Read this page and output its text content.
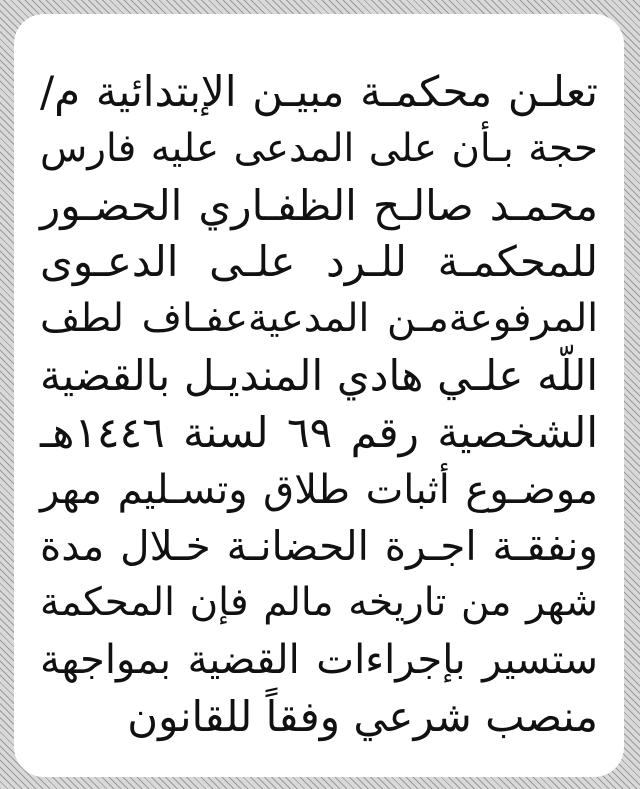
تعلـن محكمـة مبيـن الإبتدائية م/
حجة بـأن على المدعى عليه فارس
محمـد صالـح الظفـاري الحضـور
للمحكمـة للـرد علـى الدعـوى
المرفوعةمـن المدعيةعفـاف لطف
اللّه علـي هادي المنديـل بالقضية
الشخصية رقم ٦٩ لسنة ١٤٤٦هـ
موضـوع أثبات طلاق وتسـليم مهر
ونفقـة اجـرة الحضانـة خـلال مدة
شهر من تاريخه مالم فإن المحكمة
ستسير بإجراءات القضية بمواجهة
منصب شرعي وفقاً للقانون
